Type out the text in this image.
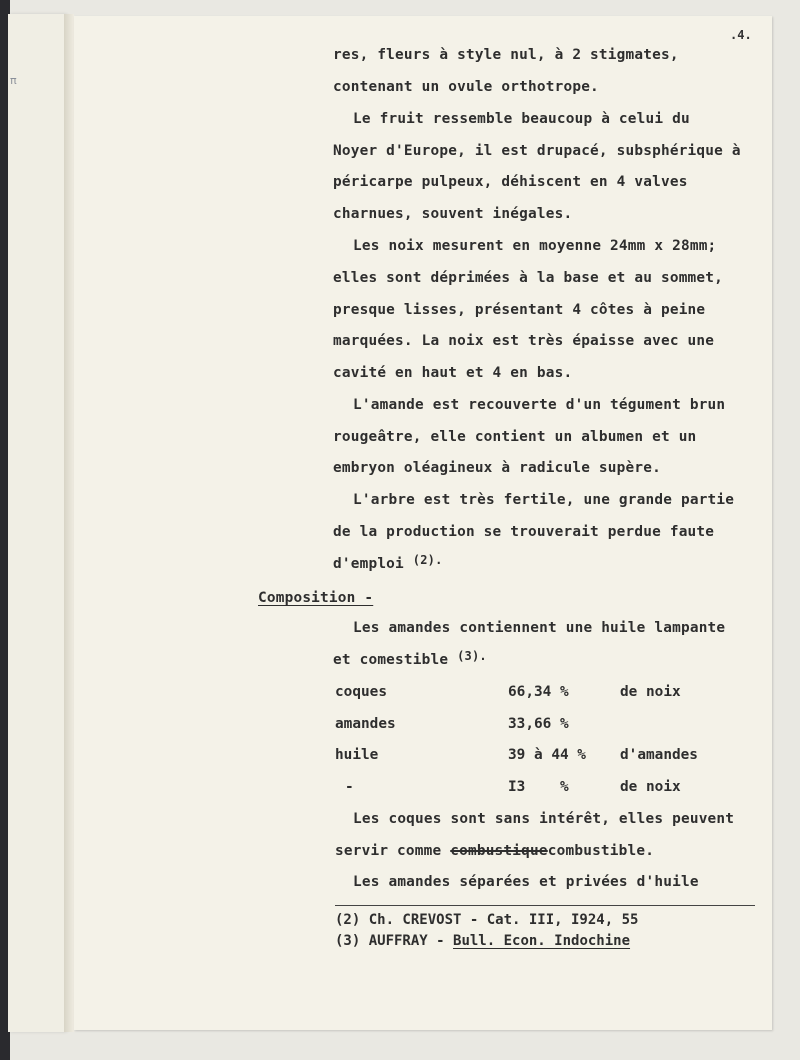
π
.4.

res, fleurs à style nul, à 2 stigmates,

contenant un ovule orthotrope.

Le fruit ressemble beaucoup à celui du

Noyer d'Europe, il est drupacé, subsphérique à

péricarpe pulpeux, déhiscent en 4 valves

charnues, souvent inégales.

Les noix mesurent en moyenne 24mm x 28mm;

elles sont déprimées à la base et au sommet,

presque lisses, présentant 4 côtes à peine

marquées. La noix est très épaisse avec une

cavité en haut et 4 en bas.

L'amande est recouverte d'un tégument brun

rougeâtre, elle contient un albumen et un

embryon oléagineux à radicule supère.

L'arbre est très fertile, une grande partie

de la production se trouverait perdue faute

d'emploi $^{(2).}$

Composition -

Les amandes contiennent une huile lampante

et comestible $^{(3).}$

coques	66,34 %	de noix

amandes	33,66 %

huile	39 à 44 % d'amandes

-	I3    %	de noix

Les coques sont sans intérêt, elles peuvent

servir comme combustiquecombustible.

Les amandes séparées et privées d'huile

(2) Ch. CREVOST - Cat. III, I924, 55

(3) AUFFRAY - Bull. Econ. Indochine
